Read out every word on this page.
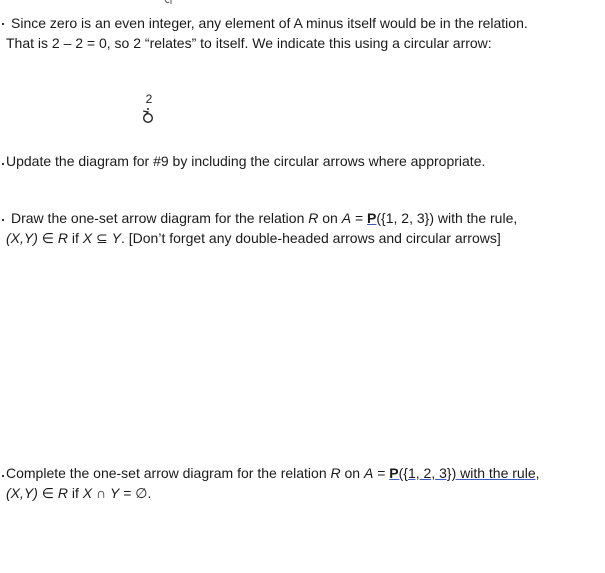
Since zero is an even integer, any element of A minus itself would be in the relation.
That is 2 – 2 = 0, so 2 “relates” to itself. We indicate this using a circular arrow:
2
Update the diagram for #9 by including the circular arrows where appropriate.
Draw the one-set arrow diagram for the relation R on A = P({1, 2, 3}) with the rule,
(X,Y) ∈ R if X ⊆ Y. [Don’t forget any double-headed arrows and circular arrows]
Complete the one-set arrow diagram for the relation R on A = P({1, 2, 3}) with the rule,
(X,Y) ∈ R if X ∩ Y = ∅.
